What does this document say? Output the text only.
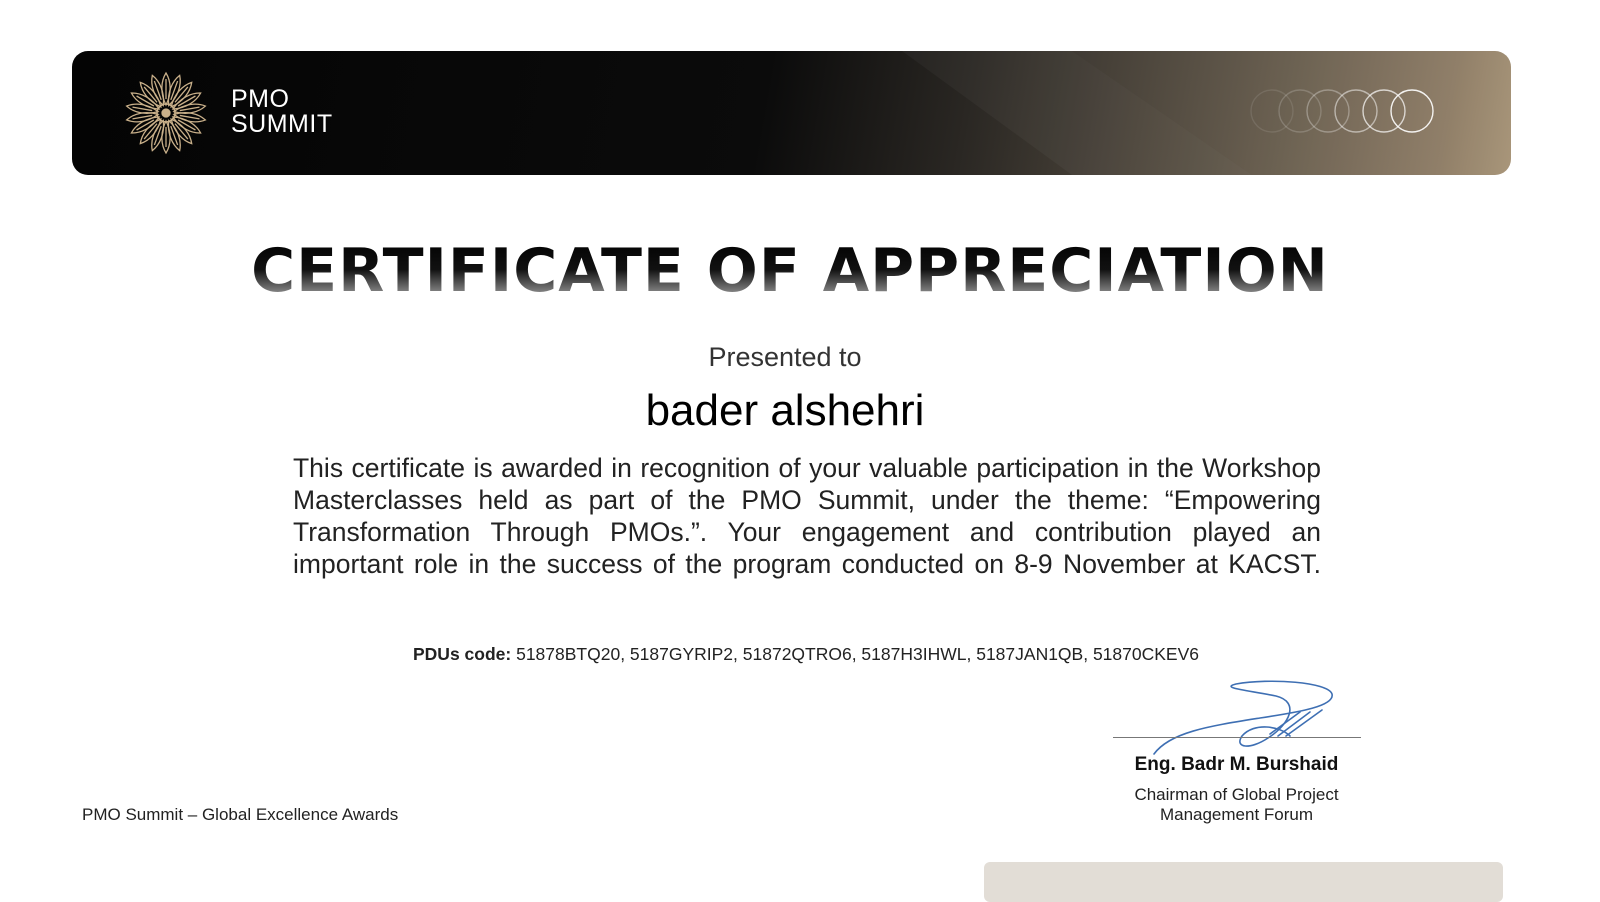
PMO
SUMMIT
CERTIFICATE OF APPRECIATION
Presented to
bader alshehri
This certificate is awarded in recognition of your valuable participation in the Workshop Masterclasses held as part of the PMO Summit, under the theme: “Empowering Transformation Through PMOs.”. Your engagement and contribution played an important role in the success of the program conducted on 8-9 November at KACST.
PDUs code: 51878BTQ20, 5187GYRIP2, 51872QTRO6, 5187H3IHWL, 5187JAN1QB, 51870CKEV6
Eng. Badr M. Burshaid
Chairman of Global Project Management Forum
PMO Summit – Global Excellence Awards
